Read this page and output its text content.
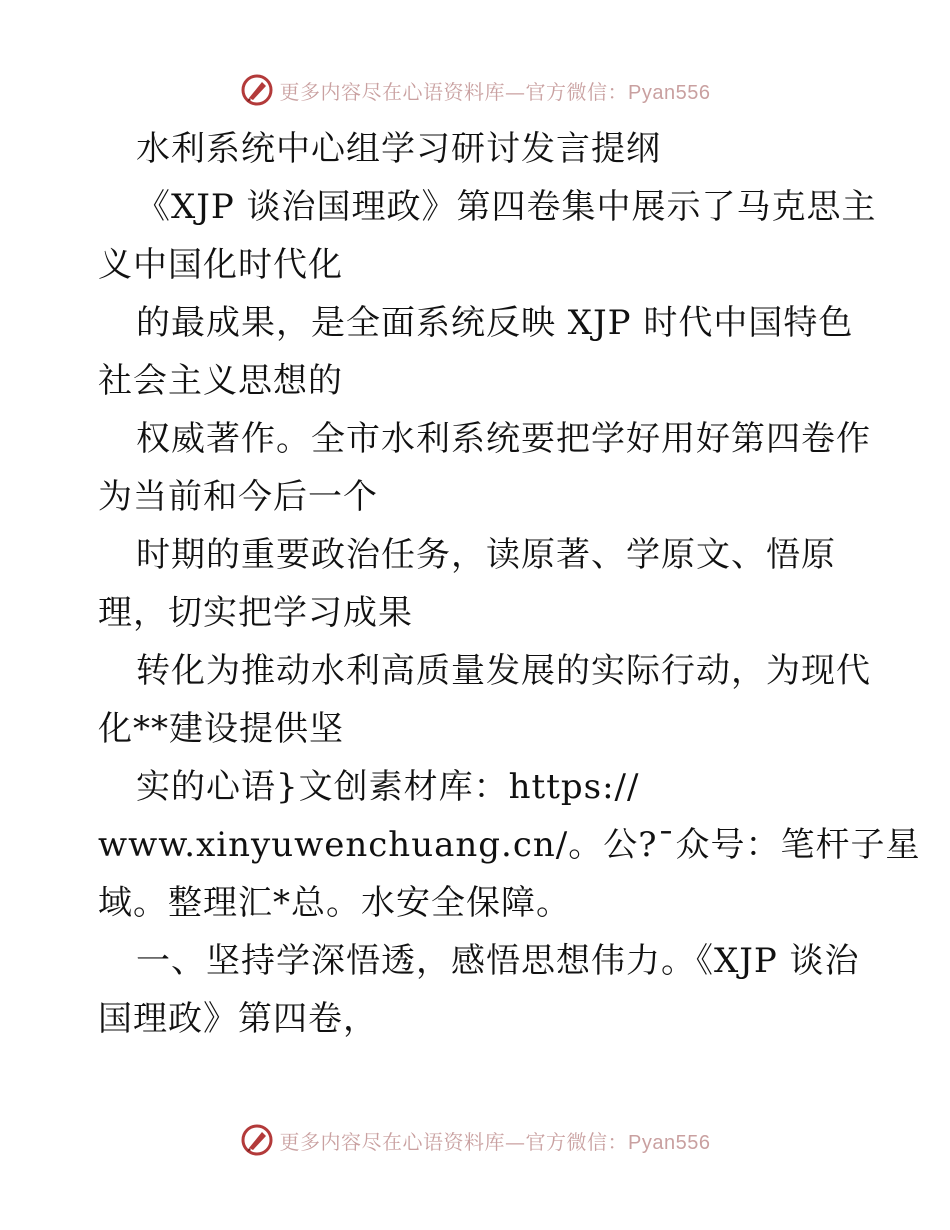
更多内容尽在心语资料库—官方微信：Pyan556
水利系统中心组学习研讨发言提纲
《XJP 谈治国理政》第四卷集中展示了马克思主
义中国化时代化
的最成果，是全面系统反映 XJP 时代中国特色
社会主义思想的
权威著作。全市水利系统要把学好用好第四卷作
为当前和今后一个
时期的重要政治任务，读原著、学原文、悟原
理，切实把学习成果
转化为推动水利高质量发展的实际行动，为现代
化**建设提供坚
实的心语}文创素材库：https://
www.xinyuwenchuang.cn/。公?¯众号：笔杆子星
域。整理汇*总。水安全保障。
一、坚持学深悟透，感悟思想伟力。《XJP 谈治
国理政》第四卷，
更多内容尽在心语资料库—官方微信：Pyan556
